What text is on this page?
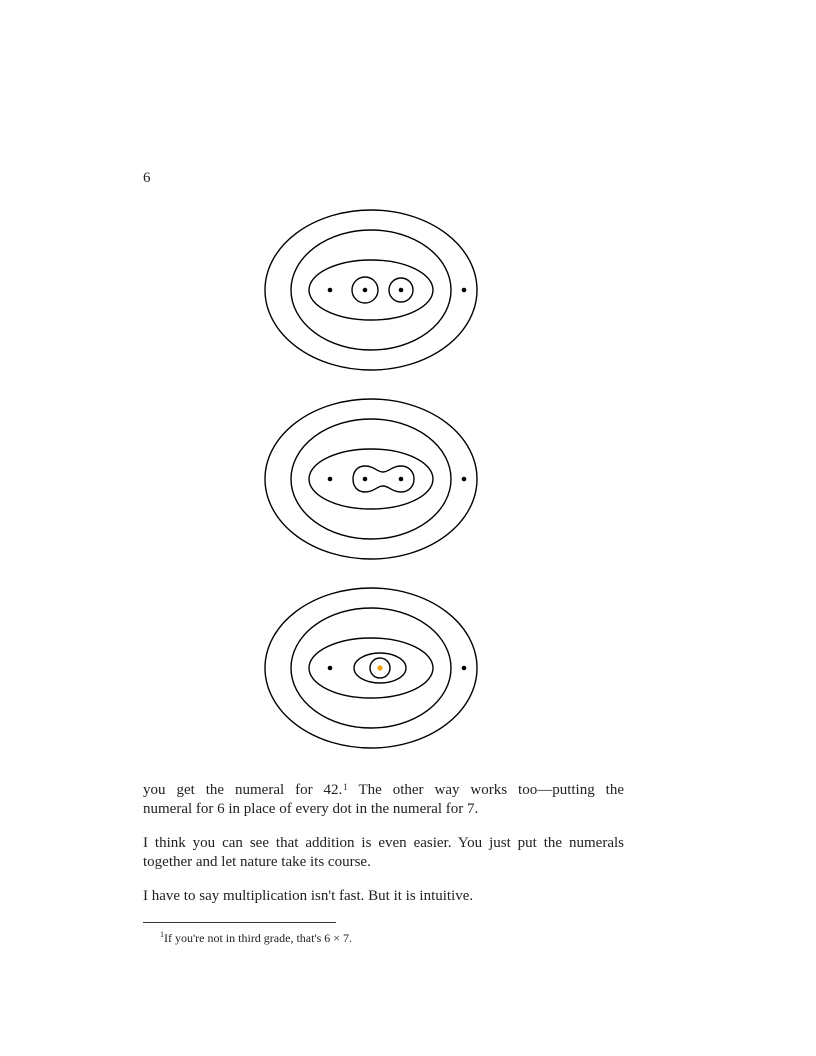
6
you get the numeral for 42.$^1$ The other way works too—putting the
numeral for 6 in place of every dot in the numeral for 7.
I think you can see that addition is even easier. You just put the numerals together and let nature take its course.
I have to say multiplication isn't fast. But it is intuitive.
$^1$If you're not in third grade, that's 6 × 7.
